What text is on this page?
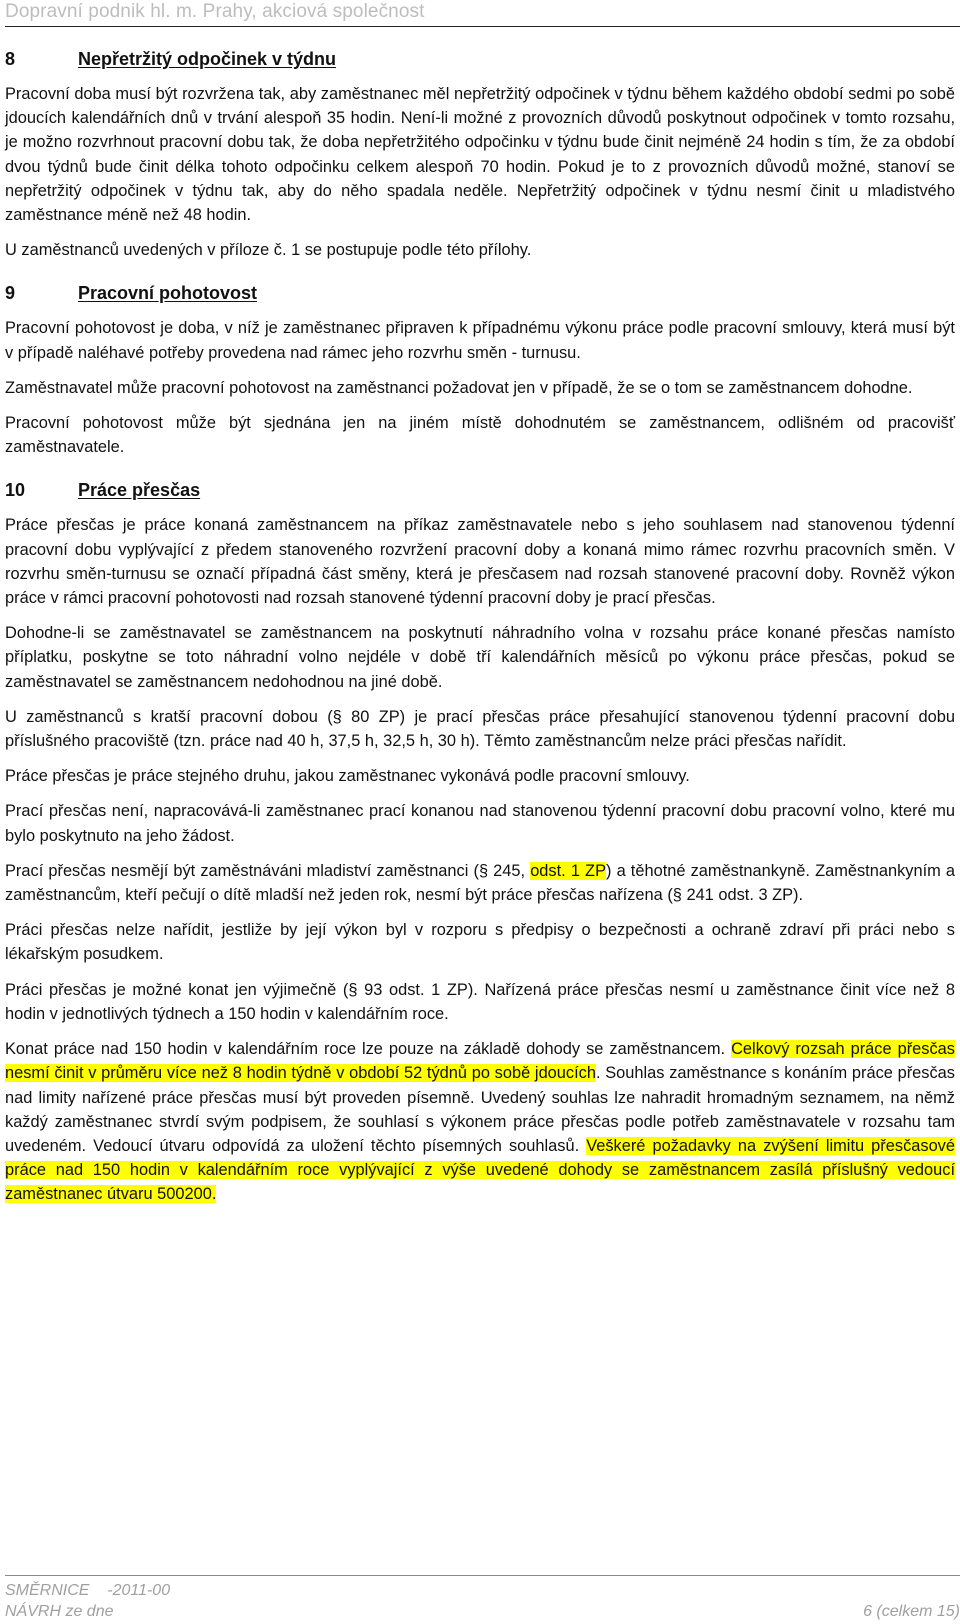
Dopravní podnik hl. m. Prahy, akciová společnost
8	Nepřetržitý odpočinek v týdnu

Pracovní doba musí být rozvržena tak, aby zaměstnanec měl nepřetržitý odpočinek v týdnu během každého období sedmi po sobě jdoucích kalendářních dnů v trvání alespoň 35 hodin. Není-li možné z provozních důvodů poskytnout odpočinek v tomto rozsahu, je možno rozvrhnout pracovní dobu tak, že doba nepřetržitého odpočinku v týdnu bude činit nejméně 24 hodin s tím, že za období dvou týdnů bude činit délka tohoto odpočinku celkem alespoň 70 hodin. Pokud je to z provozních důvodů možné, stanoví se nepřetržitý odpočinek v týdnu tak, aby do něho spadala neděle. Nepřetržitý odpočinek v týdnu nesmí činit u mladistvého zaměstnance méně než 48 hodin.

U zaměstnanců uvedených v příloze č. 1 se postupuje podle této přílohy.

9	Pracovní pohotovost

Pracovní pohotovost je doba, v níž je zaměstnanec připraven k případnému výkonu práce podle pracovní smlouvy, která musí být v případě naléhavé potřeby provedena nad rámec jeho rozvrhu směn - turnusu.

Zaměstnavatel může pracovní pohotovost na zaměstnanci požadovat jen v případě, že se o tom se zaměstnancem dohodne.

Pracovní pohotovost může být sjednána jen na jiném místě dohodnutém se zaměstnancem, odlišném od pracovišť zaměstnavatele.

10	Práce přesčas

Práce přesčas je práce konaná zaměstnancem na příkaz zaměstnavatele nebo s jeho souhlasem nad stanovenou týdenní pracovní dobu vyplývající z předem stanoveného rozvržení pracovní doby a konaná mimo rámec rozvrhu pracovních směn. V rozvrhu směn-turnusu se označí případná část směny, která je přesčasem nad rozsah stanovené pracovní doby. Rovněž výkon práce v rámci pracovní pohotovosti nad rozsah stanovené týdenní pracovní doby je prací přesčas.

Dohodne-li se zaměstnavatel se zaměstnancem na poskytnutí náhradního volna v rozsahu práce konané přesčas namísto příplatku, poskytne se toto náhradní volno nejdéle v době tří kalendářních měsíců po výkonu práce přesčas, pokud se zaměstnavatel se zaměstnancem nedohodnou na jiné době.

U zaměstnanců s kratší pracovní dobou (§ 80 ZP) je prací přesčas práce přesahující stanovenou týdenní pracovní dobu příslušného pracoviště (tzn. práce nad 40 h, 37,5 h, 32,5 h, 30 h). Těmto zaměstnancům nelze práci přesčas nařídit.

Práce přesčas je práce stejného druhu, jakou zaměstnanec vykonává podle pracovní smlouvy.

Prací přesčas není, napracovává-li zaměstnanec prací konanou nad stanovenou týdenní pracovní dobu pracovní volno, které mu bylo poskytnuto na jeho žádost.

Prací přesčas nesmějí být zaměstnáváni mladiství zaměstnanci (§ 245, odst. 1 ZP) a těhotné zaměstnankyně. Zaměstnankyním a zaměstnancům, kteří pečují o dítě mladší než jeden rok, nesmí být práce přesčas nařízena (§ 241 odst. 3 ZP).

Práci přesčas nelze nařídit, jestliže by její výkon byl v rozporu s předpisy o bezpečnosti a ochraně zdraví při práci nebo s lékařským posudkem.

Práci přesčas je možné konat jen výjimečně (§ 93 odst. 1 ZP). Nařízená práce přesčas nesmí u zaměstnance činit více než 8 hodin v jednotlivých týdnech a 150 hodin v kalendářním roce.

Konat práce nad 150 hodin v kalendářním roce lze pouze na základě dohody se zaměstnancem. Celkový rozsah práce přesčas nesmí činit v průměru více než 8 hodin týdně v období 52 týdnů po sobě jdoucích. Souhlas zaměstnance s konáním práce přesčas nad limity nařízené práce přesčas musí být proveden písemně. Uvedený souhlas lze nahradit hromadným seznamem, na němž každý zaměstnanec stvrdí svým podpisem, že souhlasí s výkonem práce přesčas podle potřeb zaměstnavatele v rozsahu tam uvedeném. Vedoucí útvaru odpovídá za uložení těchto písemných souhlasů. Veškeré požadavky na zvýšení limitu přesčasové práce nad 150 hodin v kalendářním roce vyplývající z výše uvedené dohody se zaměstnancem zasílá příslušný vedoucí zaměstnanec útvaru 500200.

SMĚRNICE    -2011-00
NÁVRH ze dne	6 (celkem 15)
